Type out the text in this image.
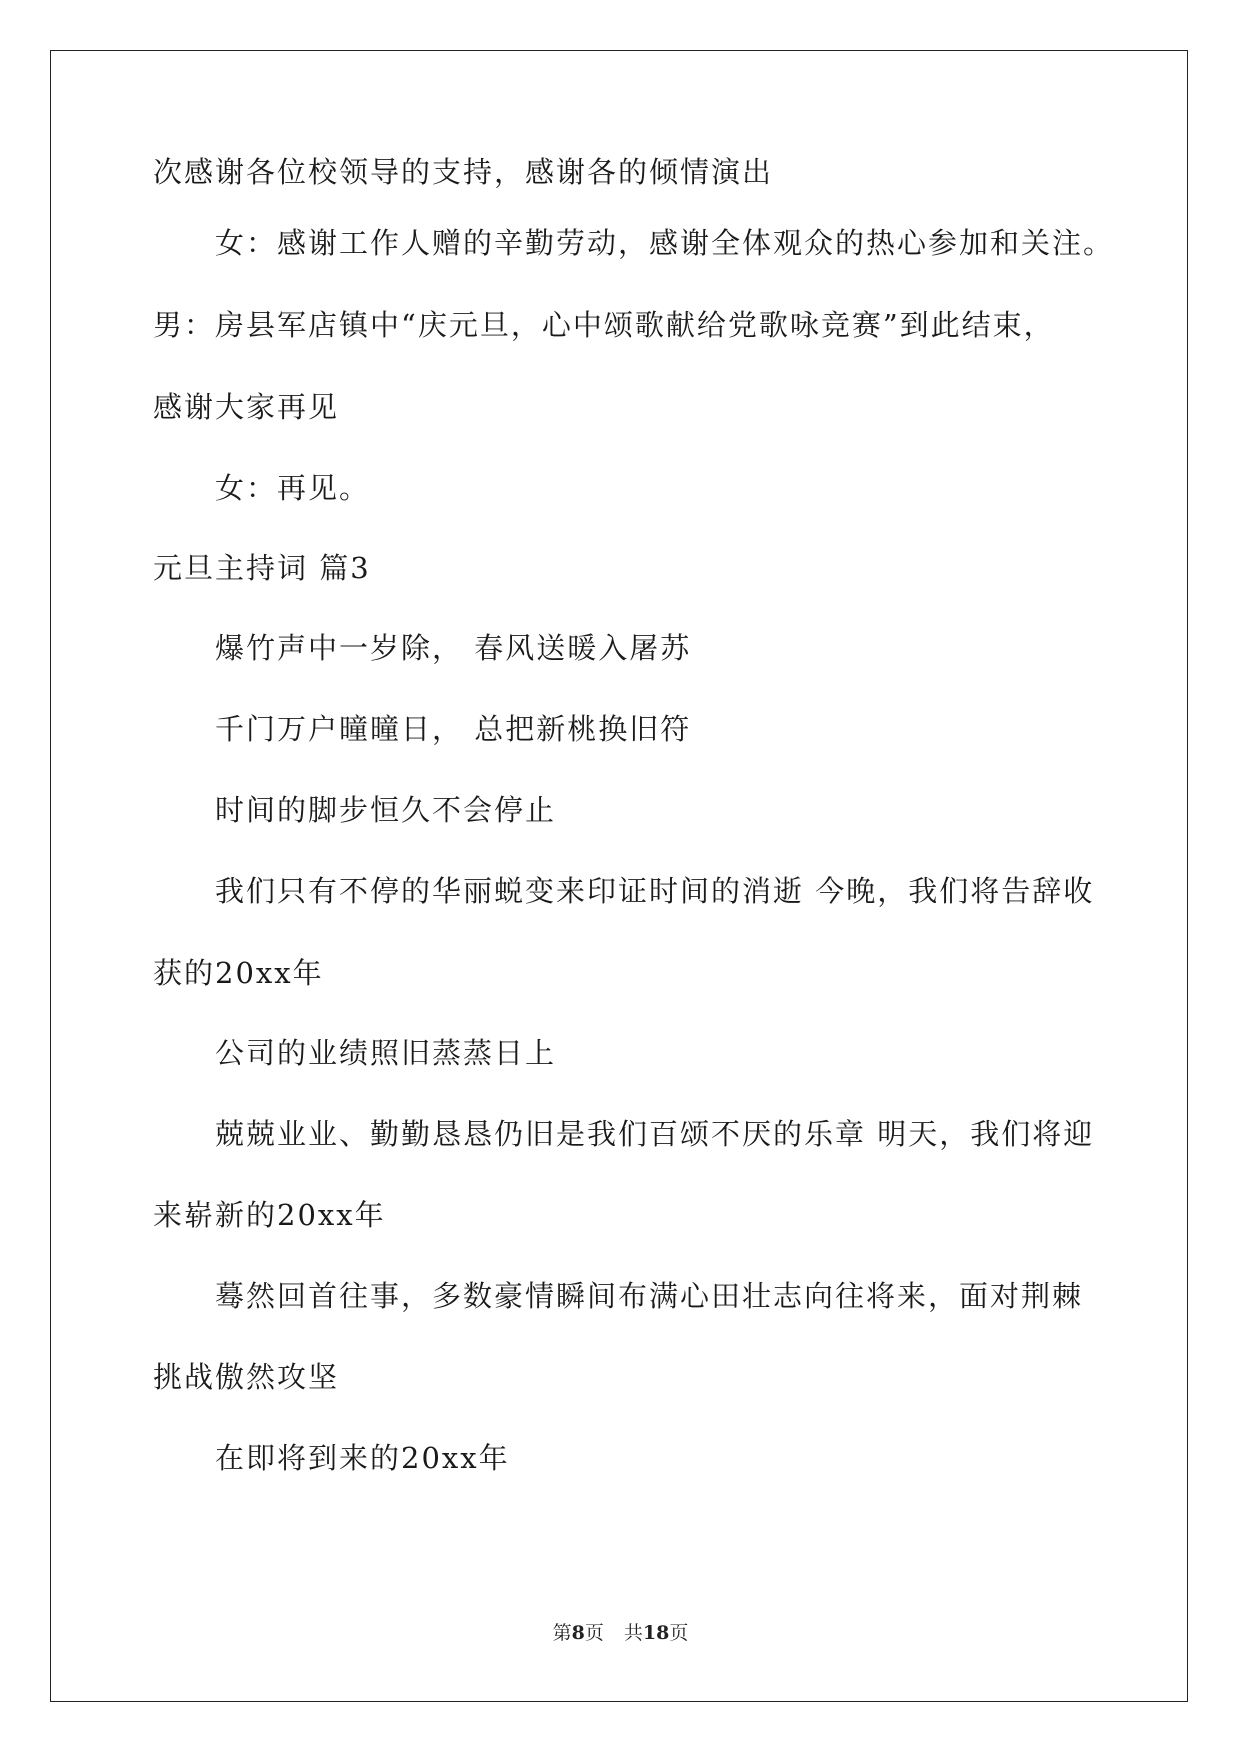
次感谢各位校领导的支持，感谢各的倾情演出
女：感谢工作人赠的辛勤劳动，感谢全体观众的热心参加和关注。
男：房县军店镇中“庆元旦，心中颂歌献给党歌咏竞赛”到此结束，
感谢大家再见
女：再见。
元旦主持词 篇3
爆竹声中一岁除， 春风送暖入屠苏
千门万户曈曈日， 总把新桃换旧符
时间的脚步恒久不会停止
我们只有不停的华丽蜕变来印证时间的消逝 今晚，我们将告辞收
获的20xx年
公司的业绩照旧蒸蒸日上
兢兢业业、勤勤恳恳仍旧是我们百颂不厌的乐章 明天，我们将迎
来崭新的20xx年
蓦然回首往事，多数豪情瞬间布满心田壮志向往将来，面对荆棘
挑战傲然攻坚
在即将到来的20xx年
第8页 共18页
